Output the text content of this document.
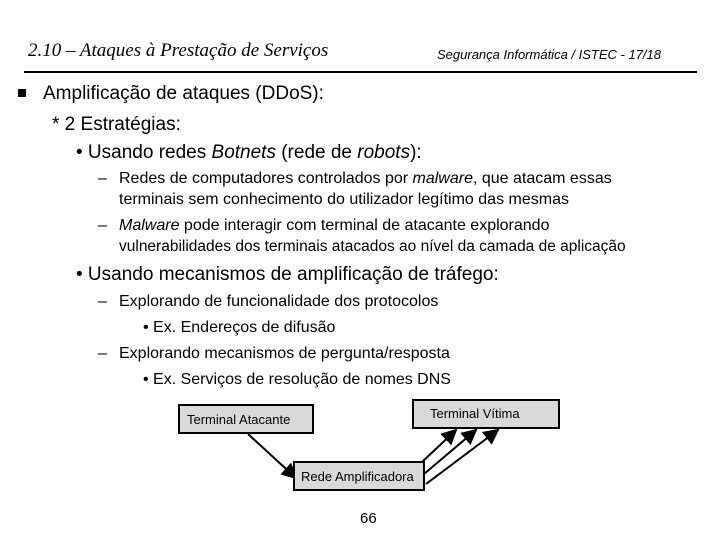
2.10 – Ataques à Prestação de Serviços	Segurança Informática / ISTEC - 17/18
Amplificação de ataques (DDoS):
* 2 Estratégias:
• Usando redes Botnets (rede de robots):
– Redes de computadores controlados por malware, que atacam essas
terminais sem conhecimento do utilizador legítimo das mesmas
– Malware pode interagir com terminal de atacante explorando
vulnerabilidades dos terminais atacados ao nível da camada de aplicação
• Usando mecanismos de amplificação de tráfego:
– Explorando de funcionalidade dos protocolos
• Ex. Endereços de difusão
– Explorando mecanismos de pergunta/resposta
• Ex. Serviços de resolução de nomes DNS
Terminal Atacante	Terminal Vítima
Rede Amplificadora
66
